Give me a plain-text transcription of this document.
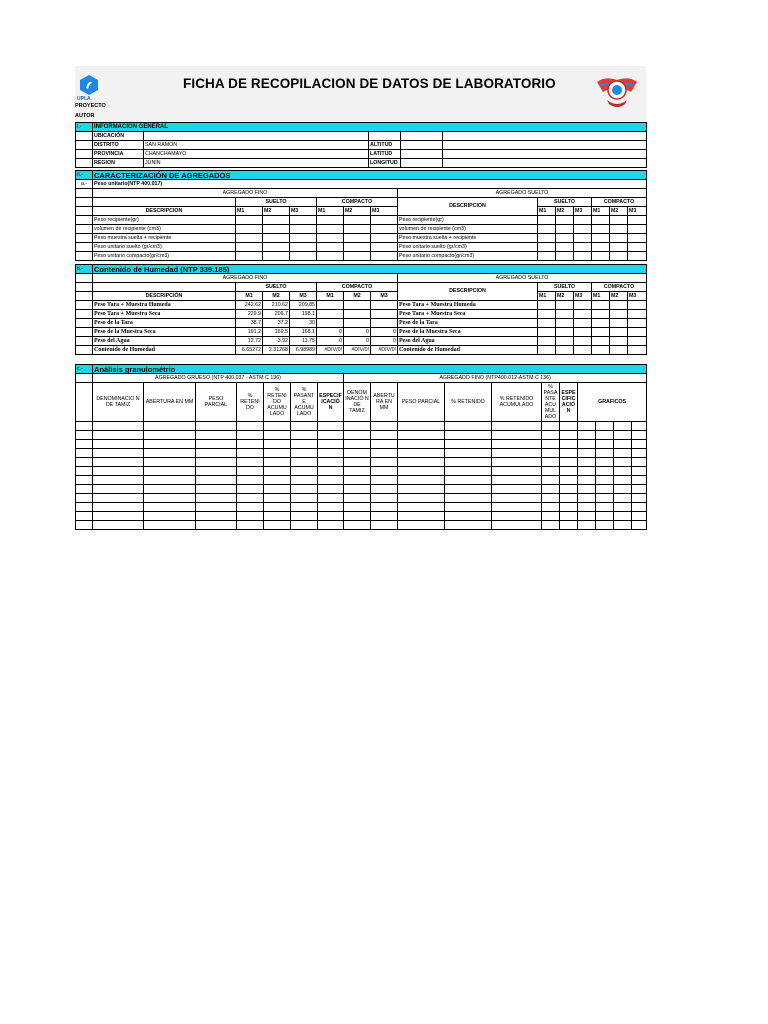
UPLA
FICHA DE RECOPILACION DE DATOS DE LABORATORIO
PROYECTO
AUTOR
I.-	INFORMACION GENERAL				
	UBICACIÓN				
	DISTRITO	SAN RAMON	ALTITUD		
	PROVINCIA	CHANCHAMAYO	LATITUD		
	REGION	JUNÍN	LONGITUD		
II.-	CARACTERIZACIÓN DE AGREGADOS													
a.-	Peso unitario(NTP 400.017)													
	AGREGADO FINO							AGREGADO SUELTO						
		SUELTO			COMPACTO			DESCRIPCION	SUELTO			COMPACTO		
	DESCRIPCION	M1	M2	M3	M1	M2	M3		M1	M2	M3	M1	M2	M3
	Peso recipiente(gr)							Peso recipiente(gr)						
	volumen de recipiente (cm3)							volumen de recipiente (cm3)						
	Peso muestra suelta + recipiente							Peso muestra suelta + recipiente						
	Peso unitario suelto (gr/cm3)							Peso unitario suelto (gr/cm3)						
	Peso unitario compacto(gr/cm3)							Peso unitario compacto(gr/cm3)						
b.-	Contenido de Humedad (NTP 339.185)													
	AGREGADO FINO							AGREGADO SUELTO						
		SUELTO			COMPACTO			DESCRIPCION	SUELTO			COMPACTO		
	DESCRIPCIÓN	M1	M2	M3	M1	M2	M3		M1	M2	M3	M1	M2	M3
	Peso Tara + Muestra Humeda	242.62	210.62	209.85				Peso Tara + Muestra Humeda						
	Peso Tara + Muestra Seca	229.9	206.7	198.1				Peso Tara + Muestra Seca						
	Peso de la Tara	38.7	37.2	30				Peso de la Tara						
	Peso de la Muestra Seca	191.2	169.5	168.1	0	0	0	Peso de la Muestra Seca						
	Peso del Agua	12.72	3.92	11.75	0	0	0	Peso del Agua						
	Contenido de Humedad	6.65272	2.31268	6.98989	#DIV/0!	#DIV/0!	#DIV/0!	Contenido de Humedad						
c.-	Análisis granulométrio																	
	AGREGADO GRUESO (NTP 400.037 - ASTM C 136)							AGREGADO FINO (NTP400.012-ASTM C 136)										
	DENOMINACIO N DE TAMIZ	ABERTURA EN MM	PESO PARCIAL	% RETENI DO	% RETENI DO ACUMU LADO	% PASANT E ACUMU LADO	ESPECIF ICACIÓ N	DENOM INACIÓ N DE TAMIZ	ABERTU RA EN MM	PESO PARCIAL	% RETENIDO	% RETENIDO ACUMULADO	% PASA NTE ACU MUL ADO	ESPE CIFIC ACIÓ N	GRAFICOS			
